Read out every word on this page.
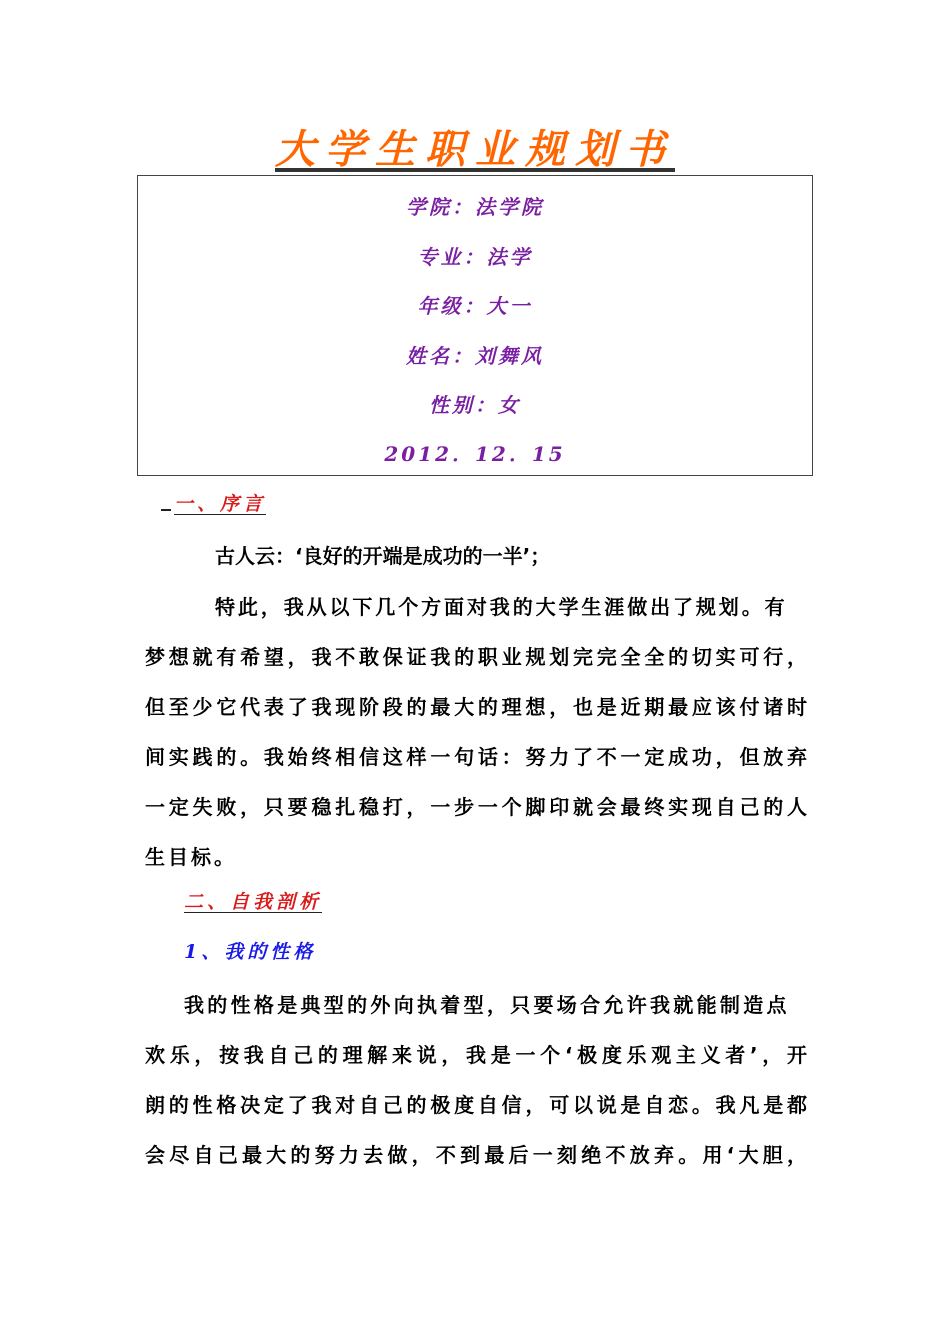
大学生职业规划书
学院：法学院
专业：法学
年级：大一
姓名：刘舞风
性别：女
2012．12．15
一、序言
古人云：‘良好的开端是成功的一半’；
特此，我从以下几个方面对我的大学生涯做出了规划。有
梦想就有希望，我不敢保证我的职业规划完完全全的切实可行，
但至少它代表了我现阶段的最大的理想，也是近期最应该付诸时
间实践的。我始终相信这样一句话：努力了不一定成功，但放弃
一定失败，只要稳扎稳打，一步一个脚印就会最终实现自己的人
生目标。
二、自我剖析
1、我的性格
我的性格是典型的外向执着型，只要场合允许我就能制造点
欢乐，按我自己的理解来说，我是一个‘极度乐观主义者’，开
朗的性格决定了我对自己的极度自信，可以说是自恋。我凡是都
会尽自己最大的努力去做，不到最后一刻绝不放弃。用‘大胆，
